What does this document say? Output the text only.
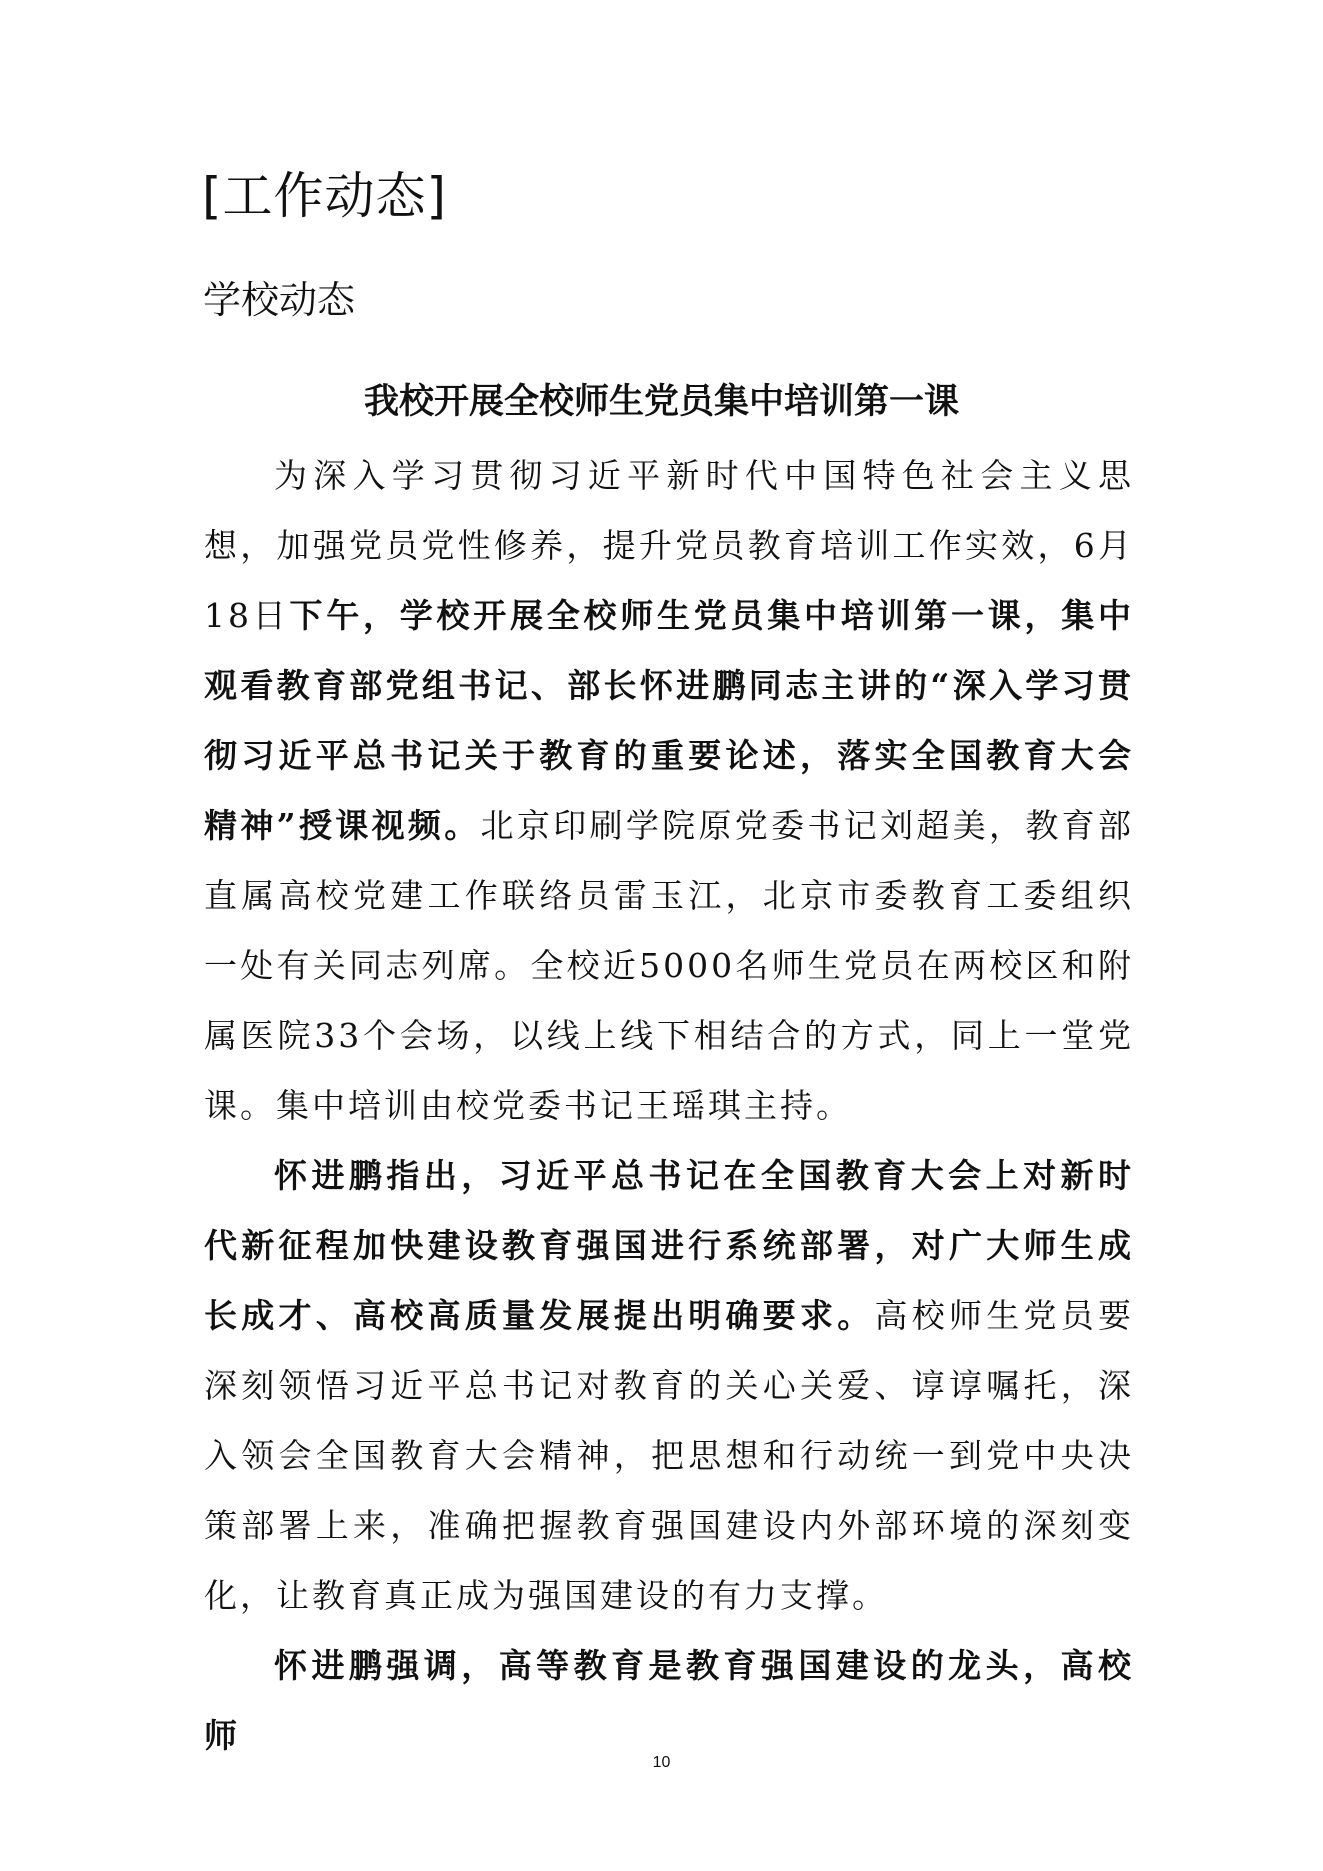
[工作动态]
学校动态
我校开展全校师生党员集中培训第一课

为深入学习贯彻习近平新时代中国特色社会主义思想，加强党员党性修养，提升党员教育培训工作实效，6月18日下午，学校开展全校师生党员集中培训第一课，集中观看教育部党组书记、部长怀进鹏同志主讲的“深入学习贯彻习近平总书记关于教育的重要论述，落实全国教育大会精神”授课视频。北京印刷学院原党委书记刘超美，教育部直属高校党建工作联络员雷玉江，北京市委教育工委组织一处有关同志列席。全校近5000名师生党员在两校区和附属医院33个会场，以线上线下相结合的方式，同上一堂党课。集中培训由校党委书记王瑶琪主持。

怀进鹏指出，习近平总书记在全国教育大会上对新时代新征程加快建设教育强国进行系统部署，对广大师生成长成才、高校高质量发展提出明确要求。高校师生党员要深刻领悟习近平总书记对教育的关心关爱、谆谆嘱托，深入领会全国教育大会精神，把思想和行动统一到党中央决策部署上来，准确把握教育强国建设内外部环境的深刻变化，让教育真正成为强国建设的有力支撑。

怀进鹏强调，高等教育是教育强国建设的龙头，高校师

10
